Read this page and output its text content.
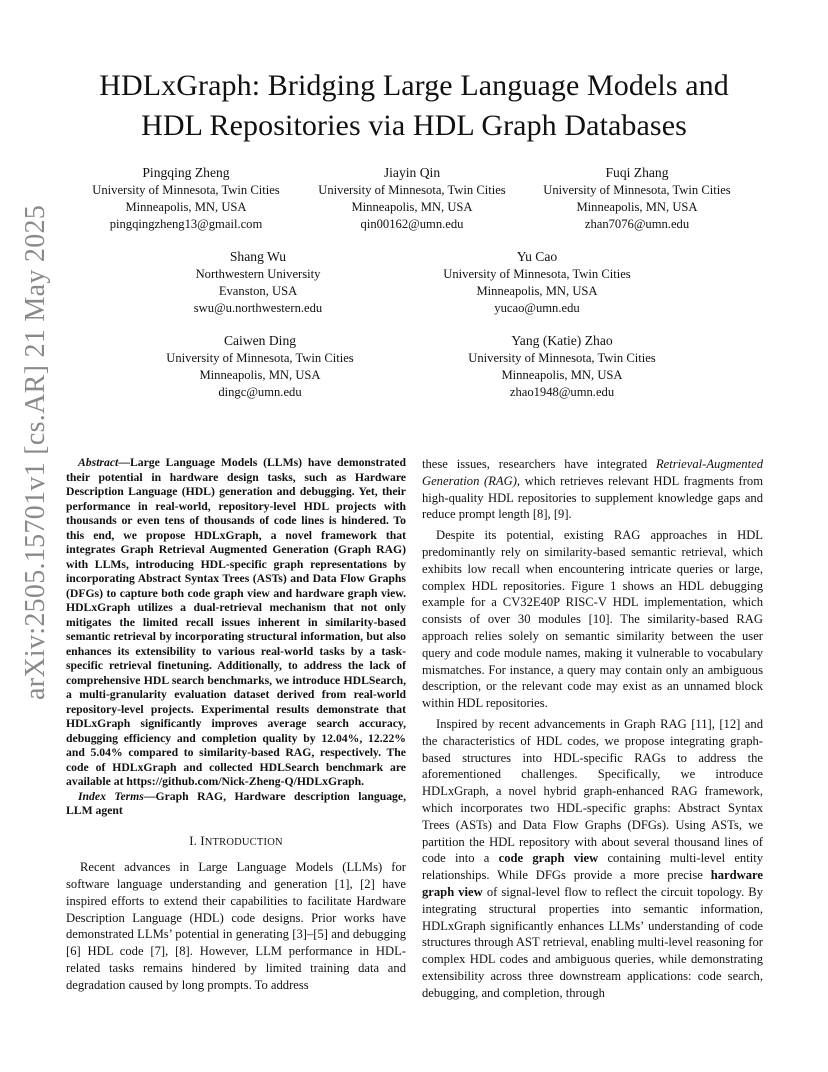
HDLxGraph: Bridging Large Language Models and
HDL Repositories via HDL Graph Databases
Pingqing Zheng
University of Minnesota, Twin Cities
Minneapolis, MN, USA
pingqingzheng13@gmail.com
Jiayin Qin
University of Minnesota, Twin Cities
Minneapolis, MN, USA
qin00162@umn.edu
Fuqi Zhang
University of Minnesota, Twin Cities
Minneapolis, MN, USA
zhan7076@umn.edu
Shang Wu
Northwestern University
Evanston, USA
swu@u.northwestern.edu
Yu Cao
University of Minnesota, Twin Cities
Minneapolis, MN, USA
yucao@umn.edu
Caiwen Ding
University of Minnesota, Twin Cities
Minneapolis, MN, USA
dingc@umn.edu
Yang (Katie) Zhao
University of Minnesota, Twin Cities
Minneapolis, MN, USA
zhao1948@umn.edu
arXiv:2505.15701v1 [cs.AR] 21 May 2025	Abstract—Large Language Models (LLMs) have demonstrated their potential in hardware design tasks, such as Hardware Description Language (HDL) generation and debugging. Yet, their performance in real-world, repository-level HDL projects with thousands or even tens of thousands of code lines is hindered. To this end, we propose HDLxGraph, a novel framework that integrates Graph Retrieval Augmented Generation (Graph RAG) with LLMs, introducing HDL-specific graph representations by incorporating Abstract Syntax Trees (ASTs) and Data Flow Graphs (DFGs) to capture both code graph view and hardware graph view. HDLxGraph utilizes a dual-retrieval mechanism that not only mitigates the limited recall issues inherent in similarity-based semantic retrieval by incorporating structural information, but also enhances its extensibility to various real-world tasks by a task-specific retrieval finetuning. Additionally, to address the lack of comprehensive HDL search benchmarks, we introduce HDLSearch, a multi-granularity evaluation dataset derived from real-world repository-level projects. Experimental results demonstrate that HDLxGraph significantly improves average search accuracy, debugging efficiency and completion quality by 12.04%, 12.22% and 5.04% compared to similarity-based RAG, respectively. The code of HDLxGraph and collected HDLSearch benchmark are available at https://github.com/Nick-Zheng-Q/HDLxGraph.

Index Terms—Graph RAG, Hardware description language, LLM agent

I. INTRODUCTION

Recent advances in Large Language Models (LLMs) for software language understanding and generation [1], [2] have inspired efforts to extend their capabilities to facilitate Hardware Description Language (HDL) code designs. Prior works have demonstrated LLMs’ potential in generating [3]–[5] and debugging [6] HDL code [7], [8]. However, LLM performance in HDL-related tasks remains hindered by limited training data and degradation caused by long prompts. To address

these issues, researchers have integrated Retrieval-Augmented Generation (RAG), which retrieves relevant HDL fragments from high-quality HDL repositories to supplement knowledge gaps and reduce prompt length [8], [9].

Despite its potential, existing RAG approaches in HDL predominantly rely on similarity-based semantic retrieval, which exhibits low recall when encountering intricate queries or large, complex HDL repositories. Figure 1 shows an HDL debugging example for a CV32E40P RISC-V HDL implementation, which consists of over 30 modules [10]. The similarity-based RAG approach relies solely on semantic similarity between the user query and code module names, making it vulnerable to vocabulary mismatches. For instance, a query may contain only an ambiguous description, or the relevant code may exist as an unnamed block within HDL repositories.

Inspired by recent advancements in Graph RAG [11], [12] and the characteristics of HDL codes, we propose integrating graph-based structures into HDL-specific RAGs to address the aforementioned challenges. Specifically, we introduce HDLxGraph, a novel hybrid graph-enhanced RAG framework, which incorporates two HDL-specific graphs: Abstract Syntax Trees (ASTs) and Data Flow Graphs (DFGs). Using ASTs, we partition the HDL repository with about several thousand lines of code into a code graph view containing multi-level entity relationships. While DFGs provide a more precise hardware graph view of signal-level flow to reflect the circuit topology. By integrating structural properties into semantic information, HDLxGraph significantly enhances LLMs’ understanding of code structures through AST retrieval, enabling multi-level reasoning for complex HDL codes and ambiguous queries, while demonstrating extensibility across three downstream applications: code search, debugging, and completion, through
